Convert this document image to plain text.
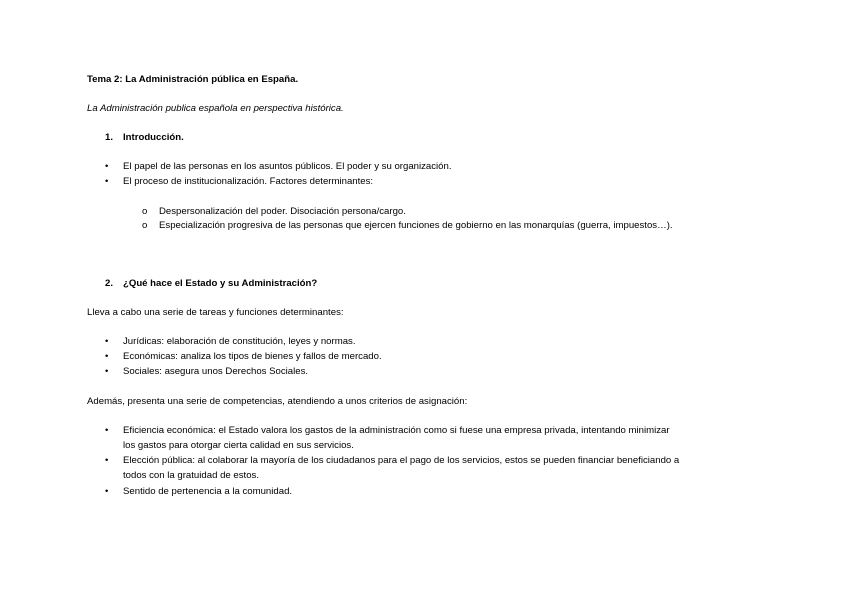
Tema 2: La Administración pública en España.
La Administración publica española en perspectiva histórica.
1. Introducción.
• El papel de las personas en los asuntos públicos. El poder y su organización.
• El proceso de institucionalización. Factores determinantes:
o Despersonalización del poder. Disociación persona/cargo.
o Especialización progresiva de las personas que ejercen funciones de gobierno en las monarquías (guerra, impuestos…).
2. ¿Qué hace el Estado y su Administración?
Lleva a cabo una serie de tareas y funciones determinantes:
• Jurídicas: elaboración de constitución, leyes y normas.
• Económicas: analiza los tipos de bienes y fallos de mercado.
• Sociales: asegura unos Derechos Sociales.
Además, presenta una serie de competencias, atendiendo a unos criterios de asignación:
• Eficiencia económica: el Estado valora los gastos de la administración como si fuese una empresa privada, intentando minimizar
los gastos para otorgar cierta calidad en sus servicios.
• Elección pública: al colaborar la mayoría de los ciudadanos para el pago de los servicios, estos se pueden financiar beneficiando a
todos con la gratuidad de estos.
• Sentido de pertenencia a la comunidad.
